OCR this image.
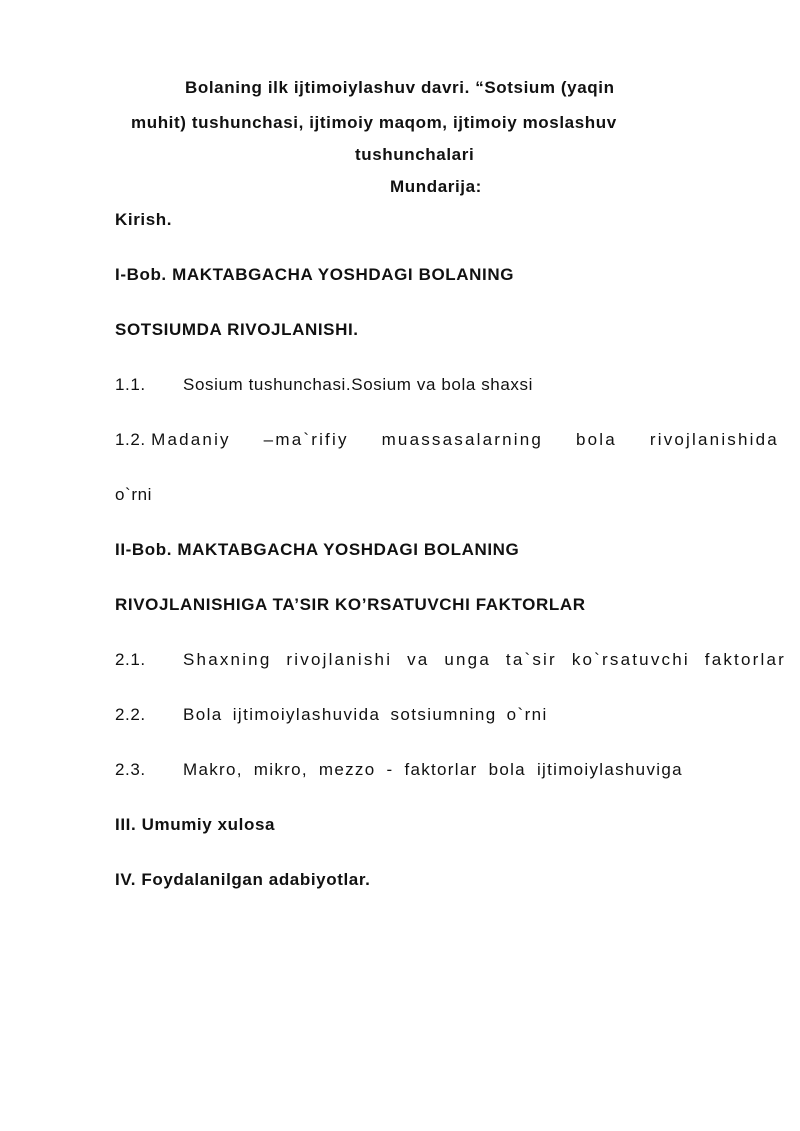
Bolaning ilk ijtimoiylashuv davri. “Sotsium (yaqin
muhit) tushunchasi, ijtimoiy maqom, ijtimoiy moslashuv
tushunchalari
Mundarija:
Kirish.
I-Bob. MAKTABGACHA YOSHDAGI BOLANING
SOTSIUMDA RIVOJLANISHI.
1.1. Sosium tushunchasi.Sosium va bola shaxsi
1.2. Madaniy –ma`rifiy muassasalarning bola rivojlanishida
o`rni
II-Bob. MAKTABGACHA YOSHDAGI BOLANING
RIVOJLANISHIGA TA’SIR KO’RSATUVCHI FAKTORLAR
2.1. Shaxning rivojlanishi va unga ta`sir ko`rsatuvchi faktorlar
2.2. Bola ijtimoiylashuvida sotsiumning o`rni
2.3. Makro, mikro, mezzo - faktorlar bola ijtimoiylashuviga
III. Umumiy xulosa
IV. Foydalanilgan adabiyotlar.
